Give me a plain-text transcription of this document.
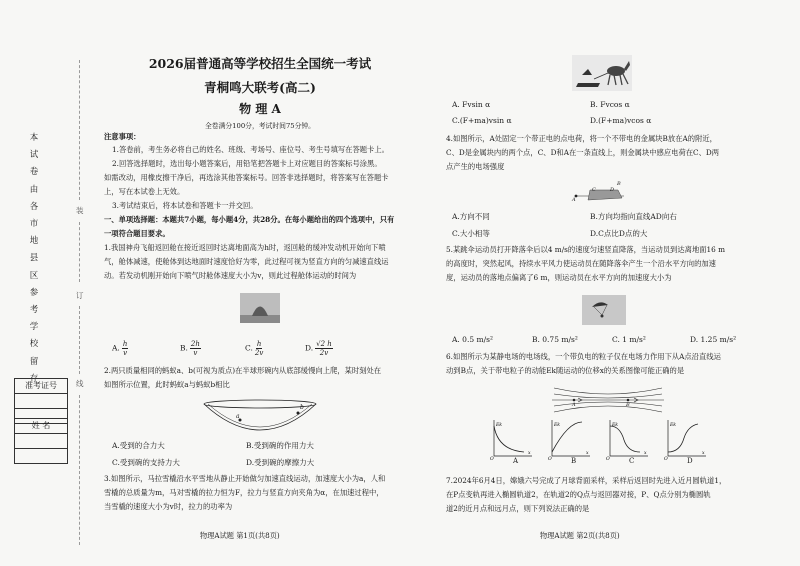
本
试
卷
由
各
市
地
县
区
参
考
学
校
留
存
装
订
线
准考证号
姓 名
2026届普通高等学校招生全国统一考试
青桐鸣大联考(高二)
物 理 A
全卷满分100分，考试时间75分钟。
注意事项：
1.答卷前，考生务必将自己的姓名、班级、考场号、座位号、考生号填写在答题卡上。
2.回答选择题时，选出每小题答案后，用铅笔把答题卡上对应题目的答案标号涂黑。
如需改动，用橡皮擦干净后，再选涂其他答案标号。回答非选择题时，将答案写在答题卡
上，写在本试卷上无效。
3.考试结束后，将本试卷和答题卡一并交回。
一、单项选择题：本题共7小题，每小题4分，共28分。在每小题给出的四个选项中，只有
一项符合题目要求。
1.我国神舟飞船返回舱在接近返回时达离地面高为h时，返回舱的缓冲发动机开始向下喷
气，舱体减速，使舱体到达地面时速度恰好为零，此过程可视为竖直方向的匀减速直线运
动。若发动机刚开始向下喷气时舱体速度大小为v，则此过程舱体运动的时间为
A. $\frac{h}{v}$	B. $\frac{2h}{v}$	C. $\frac{h}{2v}$	D. $\frac{√2 h}{2v}$
2.两只质量相同的蚂蚁a、b(可视为质点)在半球形碗内从底部缓慢向上爬，某时刻处在
如图所示位置，此时蚂蚁a与蚂蚁b相比
a
b
A.受到的合力大	B.受到碗的作用力大
C.受到碗的支持力大	D.受到碗的摩擦力大
3.如图所示，马拉雪橇沿水平雪地从静止开始做匀加速直线运动，加速度大小为a，人和
雪橇的总质量为m，马对雪橇的拉力恒为F，拉力与竖直方向夹角为α，在加速过程中，
当雪橇的速度大小为v时，拉力的功率为
物理A试题 第1页(共8页)
A. Fvsin α	B. Fvcos α
C.(F+ma)vsin α	D.(F+ma)vcos α
4.如图所示，A处固定一个带正电的点电荷，将一个不带电的金属块B放在A的附近，
C、D是金属块内的两个点，C、D和A在一条直线上，则金属块中感应电荷在C、D两
点产生的电场强度
A
C	D
B
A.方向不同	B.方向均指向直线AD向右
C.大小相等	D.C点比D点的大
5.某跳伞运动员打开降落伞后以4 m/s的速度匀速竖直降落，当运动员到达离地面16 m
的高度时，突然起风，持续水平风力使运动员在随降落伞产生一个沿水平方向的加速
度，运动员的落地点偏离了6 m，则运动员在水平方向的加速度大小为
A. 0.5 m/s²	B. 0.75 m/s²	C. 1 m/s²	D. 1.25 m/s²
6.如图所示为某静电场的电场线，一个带负电的粒子仅在电场力作用下从A点沿直线运
动到B点，关于带电粒子的动能Ek随运动的位移x的关系图像可能正确的是
A	B
Ek
x
O
Ek
x
O
Ek
x
O
Ek
x
O
A	B	C	D
7.2024年6月4日，嫦娥六号完成了月球背面采样，采样后返回时先进入近月圆轨道1，
在P点变轨再进入椭圆轨道2，在轨道2的Q点与返回器对接，P、Q点分别为椭圆轨
道2的近月点和远月点，则下列说法正确的是
物理A试题 第2页(共8页)
